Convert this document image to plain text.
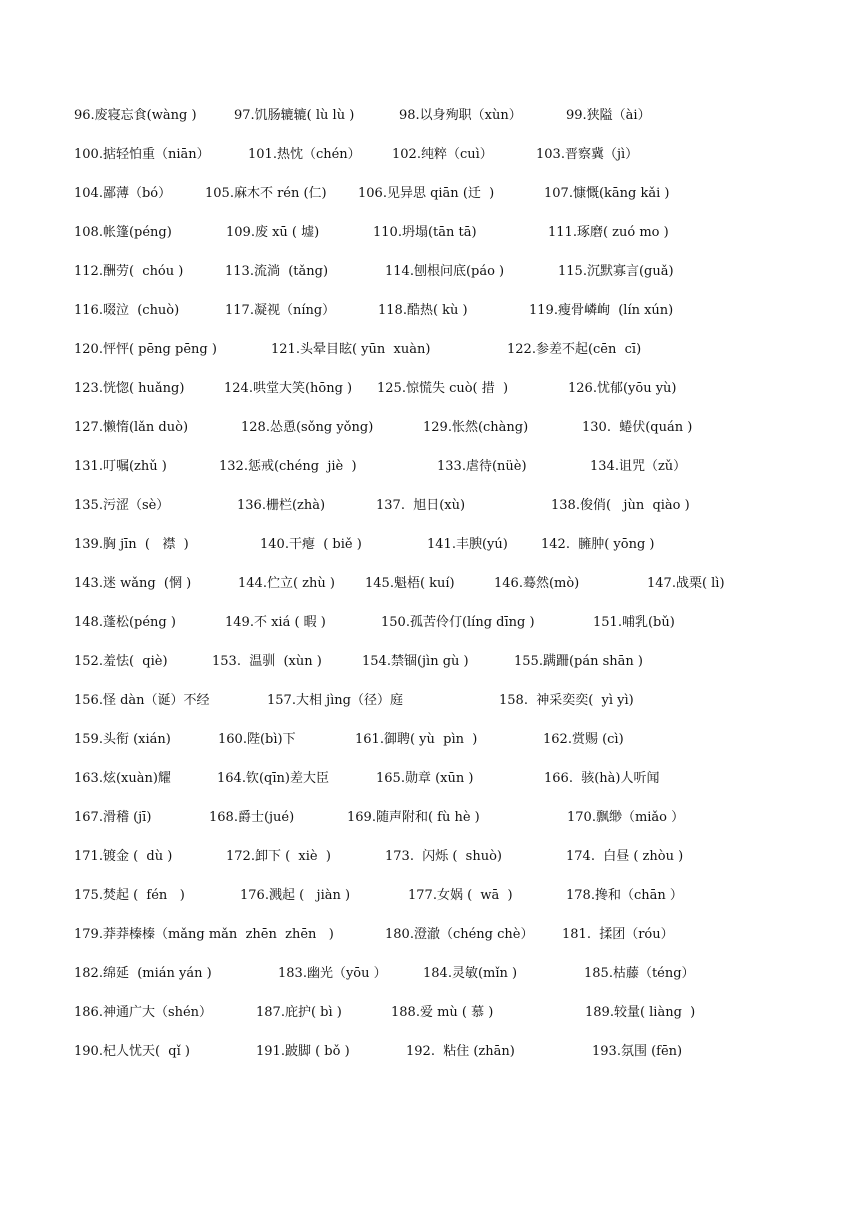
96.废寝忘食(wàng )	97.饥肠辘辘( lù lù )	98.以身殉职（xùn）	99.狭隘（ài）
100.掂轻怕重（niān）	101.热忱（chén） 102.纯粹（cuì）	103.晋察冀（jì）
104.鄙薄（bó）	105.麻木不 rén (仁) 106.见异思 qiān (迁  )	107.慷慨(kāng kǎi )
108.帐篷(péng)	109.废 xū ( 墟)	110.坍塌(tān tā)	111.琢磨( zuó mo )
112.酬劳(  chóu )	113.流淌  (tǎng)	114.刨根问底(páo )	115.沉默寡言(guǎ)
116.啜泣  (chuò)	117.凝视（níng）	118.酷热( kù )	119.瘦骨嶙峋  (lín xún)
120.怦怦( pēng pēng )	121.头晕目眩( yūn  xuàn)	122.参差不起(cēn  cī)
123.恍惚( huǎng)	124.哄堂大笑(hōng ) 125.惊慌失 cuò( 措  )	126.忧郁(yōu yù)
127.懒惰(lǎn duò)	128.怂恿(sǒng yǒng)	129.怅然(chàng)	130.  蜷伏(quán )
131.叮嘱(zhǔ )	132.惩戒(chéng  jiè  )	133.虐待(nüè)	134.诅咒（zǔ）
135.污涩（sè）	136.栅栏(zhà)	137.  旭日(xù)	138.俊俏(   jùn  qiào )
139.胸 jīn  (   襟  )	140.干瘪  ( biě )	141.丰腴(yú)	142.  臃肿( yōng )
143.迷 wǎng  (惘 )	144.伫立( zhù ) 145.魁梧( kuí)	146.蓦然(mò)	147.战栗( lì)
148.蓬松(péng )	149.不 xiá ( 暇 )	150.孤苦伶仃(líng dīng )	151.哺乳(bǔ)
152.羞怯(  qiè)	153.  温驯  (xùn )	154.禁锢(jìn gù )	155.蹒跚(pán shān )
156.怪 dàn（诞）不经	157.大相 jìng（径）庭	158.  神采奕奕(  yì yì)
159.头衔 (xián)	160.陛(bì)下	161.御聘( yù  pìn  )	162.赏赐 (cì)
163.炫(xuàn)耀	164.钦(qīn)差大臣	165.勋章 (xūn )	166.  骇(hà)人听闻
167.滑稽 (jī)	168.爵士(jué)	169.随声附和( fù hè )	170.飘缈（miǎo ）
171.镀金 (  dù )	172.卸下 (  xiè  )	173.  闪烁 (  shuò)	174.  白昼 ( zhòu )
175.焚起 (  fén   )	176.溅起 (   jiàn )	177.女娲 (  wā  )	178.搀和（chān ）
179.莽莽榛榛（mǎng mǎn  zhēn  zhēn   )	180.澄澈（chéng chè） 181.  揉团（róu）
182.绵延  (mián yán )	183.幽光（yōu ）	184.灵敏(mǐn )	185.枯藤（téng）
186.神通广大（shén）	187.庇护( bì )	188.爱 mù ( 慕 )	189.较量( liàng  )
190.杞人忧天(  qǐ )	191.跛脚 ( bǒ )	192.  粘住 (zhān)	193.氛围 (fēn)
